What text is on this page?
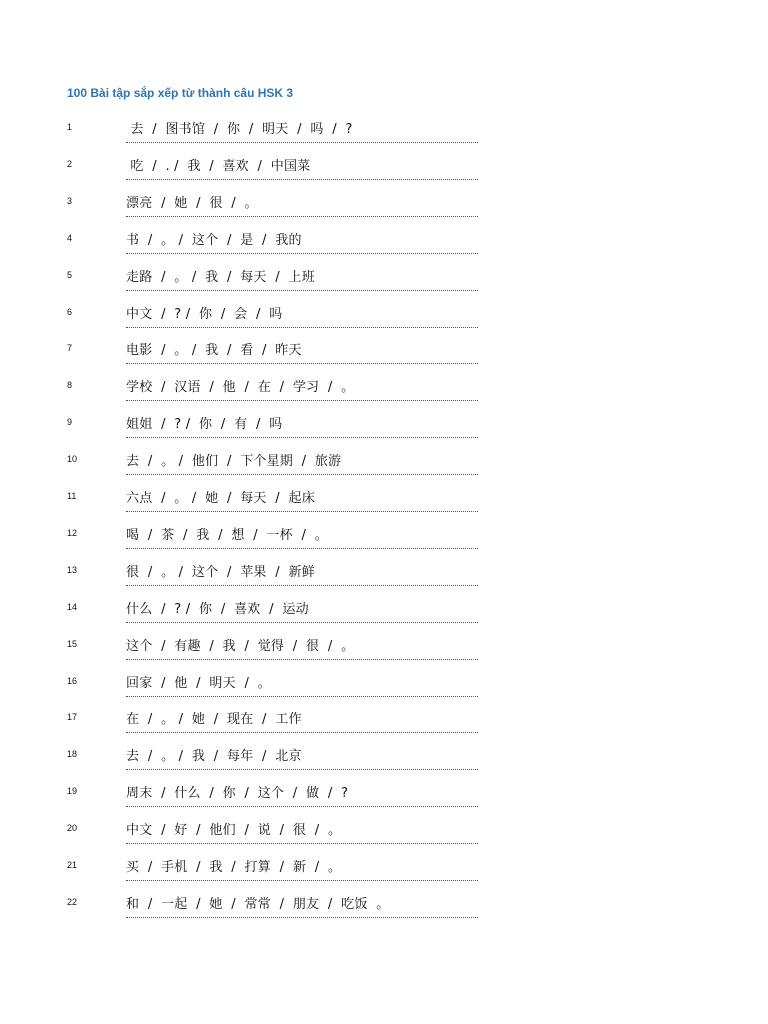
100 Bài tập sắp xếp từ thành câu HSK 3
1	去  /  图书馆  /  你  /  明天  /  吗  /  ?
2	吃  /  . /  我  /  喜欢  /  中国菜
3	漂亮  /  她  /  很  /  。
4	书  /  。 /  这个  /  是  /  我的
5	走路  /  。 /  我  /  每天  /  上班
6	中文  /  ? /  你  /  会  /  吗
7	电影  /  。 /  我  /  看  /  昨天
8	学校  /  汉语  /  他  /  在  /  学习  /  。
9	姐姐  /  ? /  你  /  有  /  吗
10	去  /  。 /  他们  /  下个星期  /  旅游
11	六点  /  。 /  她  /  每天  /  起床
12	喝  /  茶  /  我  /  想  /  一杯  /  。
13	很  /  。 /  这个  /  苹果  /  新鲜
14	什么  /  ? /  你  /  喜欢  /  运动
15	这个  /  有趣  /  我  /  觉得  /  很  /  。
16	回家  /  他  /  明天  /  。
17	在  /  。 /  她  /  现在  /  工作
18	去  /  。 /  我  /  每年  /  北京
19	周末  /  什么  /  你  /  这个  /  做  /  ?
20	中文  /  好  /  他们  /  说  /  很  /  。
21	买  /  手机  /  我  /  打算  /  新  /  。
22	和  /  一起  /  她  /  常常  /  朋友  /  吃饭  。
